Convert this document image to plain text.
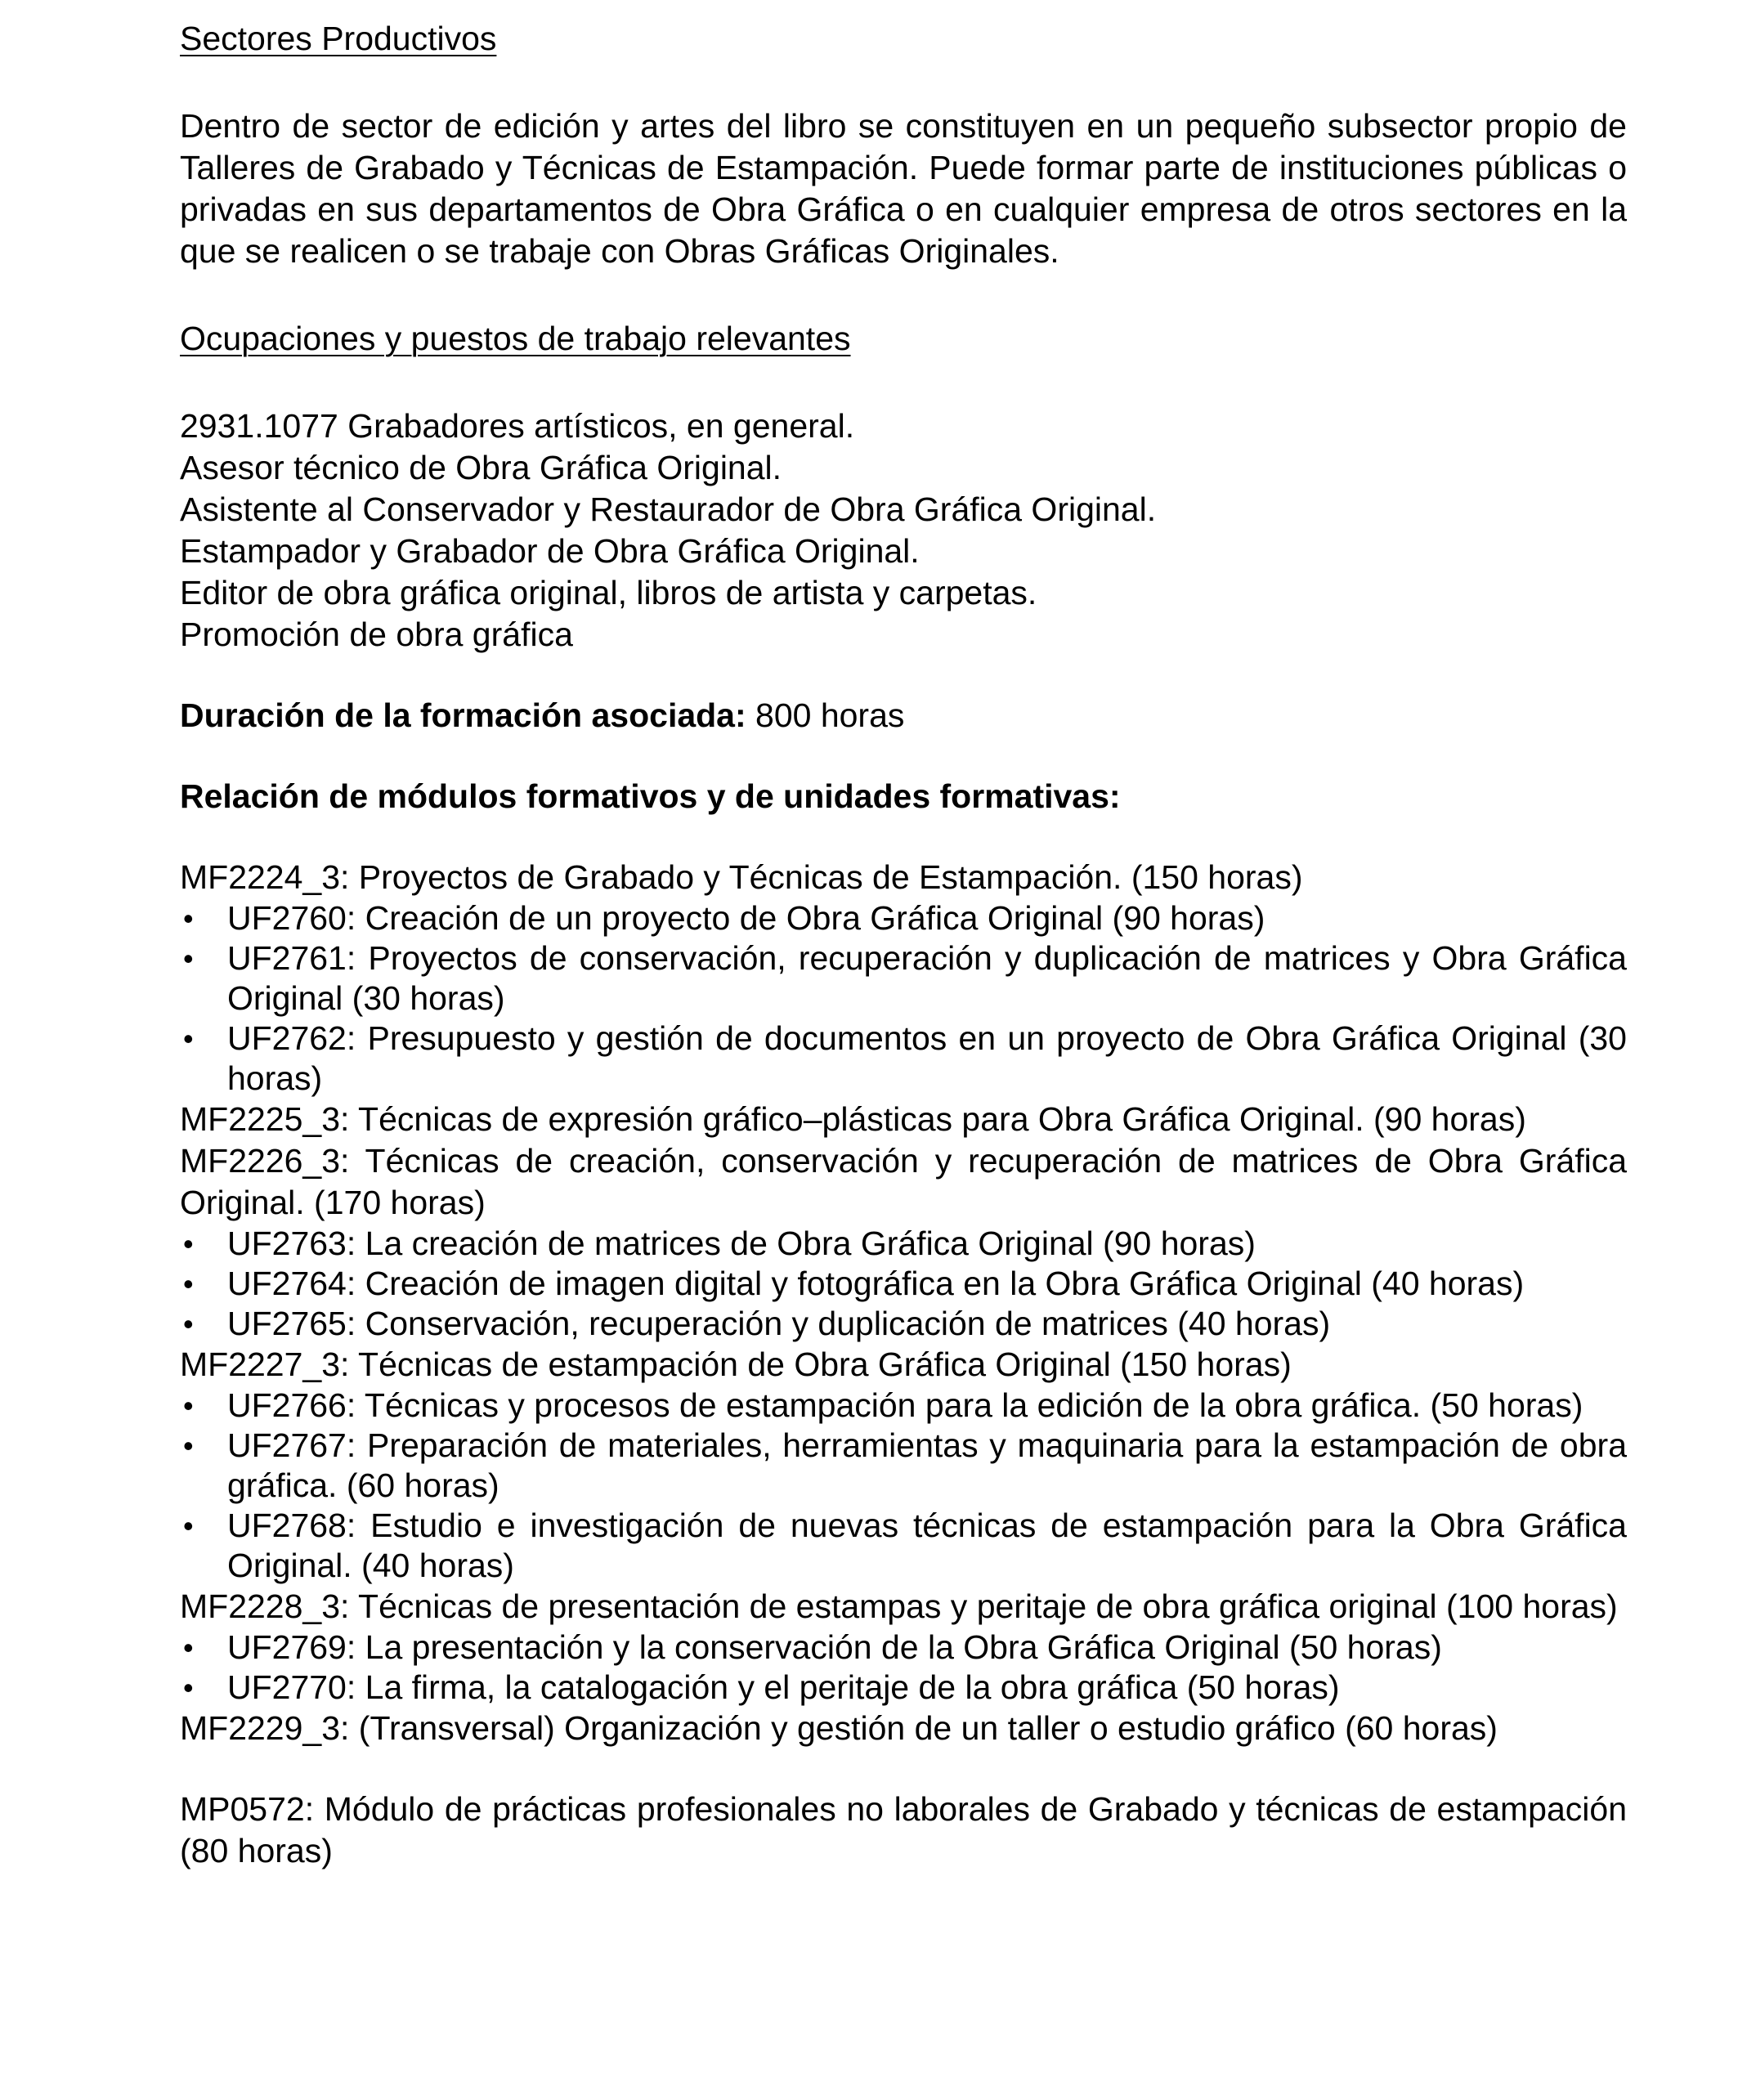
Sectores Productivos

Dentro de sector de edición y artes del libro se constituyen en un pequeño subsector propio de Talleres de Grabado y Técnicas de Estampación. Puede formar parte de instituciones públicas o privadas en sus departamentos de Obra Gráfica o en cualquier empresa de otros sectores en la que se realicen o se trabaje con Obras Gráficas Originales.

Ocupaciones y puestos de trabajo relevantes

2931.1077 Grabadores artísticos, en general.

Asesor técnico de Obra Gráfica Original.

Asistente al Conservador y Restaurador de Obra Gráfica Original.

Estampador y Grabador de Obra Gráfica Original.

Editor de obra gráfica original, libros de artista y carpetas.

Promoción de obra gráfica

Duración de la formación asociada: 800 horas

Relación de módulos formativos y de unidades formativas:

MF2224_3: Proyectos de Grabado y Técnicas de Estampación. (150 horas)

• UF2760: Creación de un proyecto de Obra Gráfica Original (90 horas)
• UF2761: Proyectos de conservación, recuperación y duplicación de matrices y Obra Gráfica Original (30 horas)
• UF2762: Presupuesto y gestión de documentos en un proyecto de Obra Gráfica Original (30 horas)

MF2225_3: Técnicas de expresión gráfico–plásticas para Obra Gráfica Original. (90 horas)

MF2226_3: Técnicas de creación, conservación y recuperación de matrices de Obra Gráfica Original. (170 horas)

• UF2763: La creación de matrices de Obra Gráfica Original (90 horas)
• UF2764: Creación de imagen digital y fotográfica en la Obra Gráfica Original (40 horas)
• UF2765: Conservación, recuperación y duplicación de matrices (40 horas)

MF2227_3: Técnicas de estampación de Obra Gráfica Original (150 horas)

• UF2766: Técnicas y procesos de estampación para la edición de la obra gráfica. (50 horas)
• UF2767: Preparación de materiales, herramientas y maquinaria para la estampación de obra gráfica. (60 horas)
• UF2768: Estudio e investigación de nuevas técnicas de estampación para la Obra Gráfica Original. (40 horas)

MF2228_3: Técnicas de presentación de estampas y peritaje de obra gráfica original (100 horas)

• UF2769: La presentación y la conservación de la Obra Gráfica Original (50 horas)
• UF2770: La firma, la catalogación y el peritaje de la obra gráfica (50 horas)

MF2229_3: (Transversal) Organización y gestión de un taller o estudio gráfico (60 horas)

MP0572: Módulo de prácticas profesionales no laborales de Grabado y técnicas de estampación (80 horas)
